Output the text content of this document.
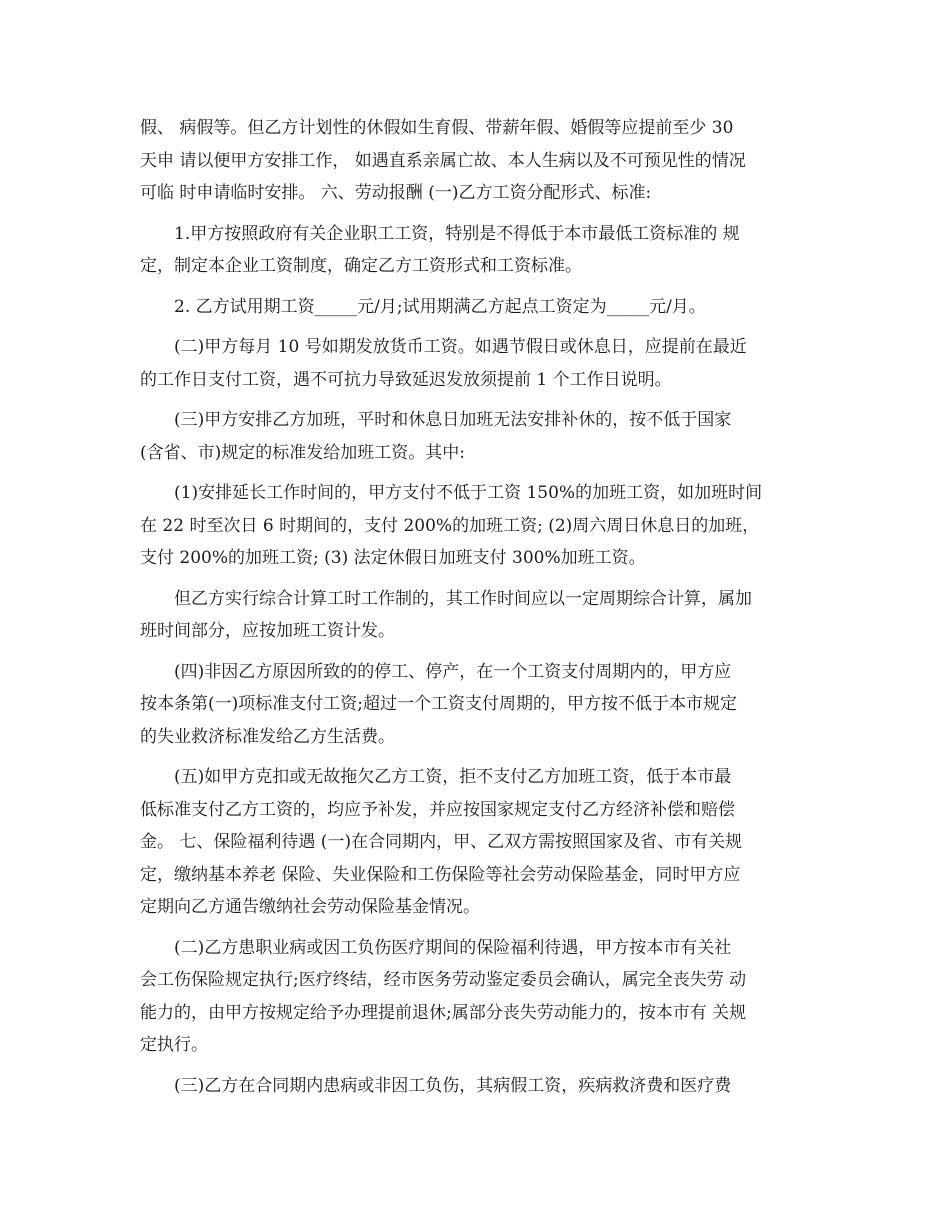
假、 病假等。但乙方计划性的休假如生育假、带薪年假、婚假等应提前至少 30
天申 请以便甲方安排工作， 如遇直系亲属亡故、本人生病以及不可预见性的情况
可临 时申请临时安排。 六、劳动报酬 (一)乙方工资分配形式、标准:
1.甲方按照政府有关企业职工工资，特别是不得低于本市最低工资标准的 规
定，制定本企业工资制度，确定乙方工资形式和工资标准。
2. 乙方试用期工资_____元/月;试用期满乙方起点工资定为_____元/月。
(二)甲方每月 10 号如期发放货币工资。如遇节假日或休息日，应提前在最近
的工作日支付工资，遇不可抗力导致延迟发放须提前 1 个工作日说明。
(三)甲方安排乙方加班，平时和休息日加班无法安排补休的，按不低于国家
(含省、市)规定的标准发给加班工资。其中:
(1)安排延长工作时间的，甲方支付不低于工资 150%的加班工资，如加班时间
在 22 时至次日 6 时期间的，支付 200%的加班工资; (2)周六周日休息日的加班，
支付 200%的加班工资; (3) 法定休假日加班支付 300%加班工资。
但乙方实行综合计算工时工作制的，其工作时间应以一定周期综合计算，属加
班时间部分，应按加班工资计发。
(四)非因乙方原因所致的的停工、停产，在一个工资支付周期内的，甲方应
按本条第(一)项标准支付工资;超过一个工资支付周期的，甲方按不低于本市规定
的失业救济标准发给乙方生活费。
(五)如甲方克扣或无故拖欠乙方工资，拒不支付乙方加班工资，低于本市最
低标准支付乙方工资的，均应予补发，并应按国家规定支付乙方经济补偿和赔偿
金。 七、保险福利待遇 (一)在合同期内，甲、乙双方需按照国家及省、市有关规
定，缴纳基本养老 保险、失业保险和工伤保险等社会劳动保险基金，同时甲方应
定期向乙方通告缴纳社会劳动保险基金情况。
(二)乙方患职业病或因工负伤医疗期间的保险福利待遇，甲方按本市有关社
会工伤保险规定执行;医疗终结，经市医务劳动鉴定委员会确认，属完全丧失劳 动
能力的，由甲方按规定给予办理提前退休;属部分丧失劳动能力的，按本市有 关规
定执行。
(三)乙方在合同期内患病或非因工负伤，其病假工资，疾病救济费和医疗费
